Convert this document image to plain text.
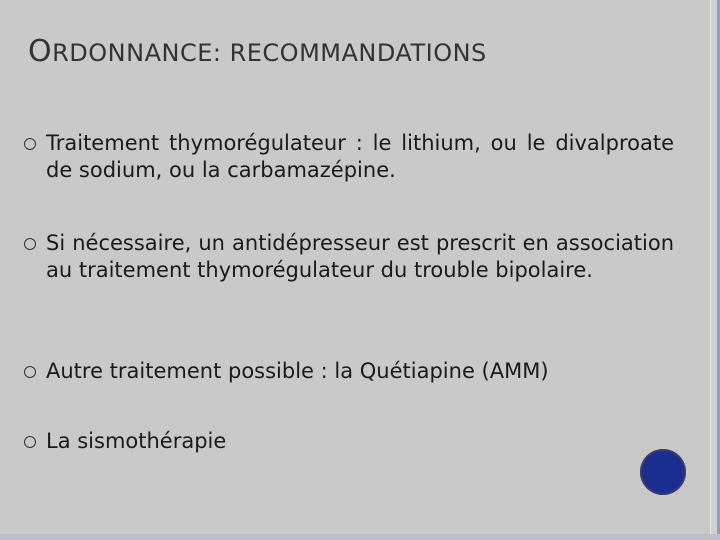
ORDONNANCE: RECOMMANDATIONS
Traitement thymorégulateur : le lithium, ou le divalproate de sodium, ou la carbamazépine.
Si nécessaire, un antidépresseur est prescrit en association au traitement thymorégulateur du trouble bipolaire.
Autre traitement possible : la Quétiapine (AMM)
La sismothérapie
